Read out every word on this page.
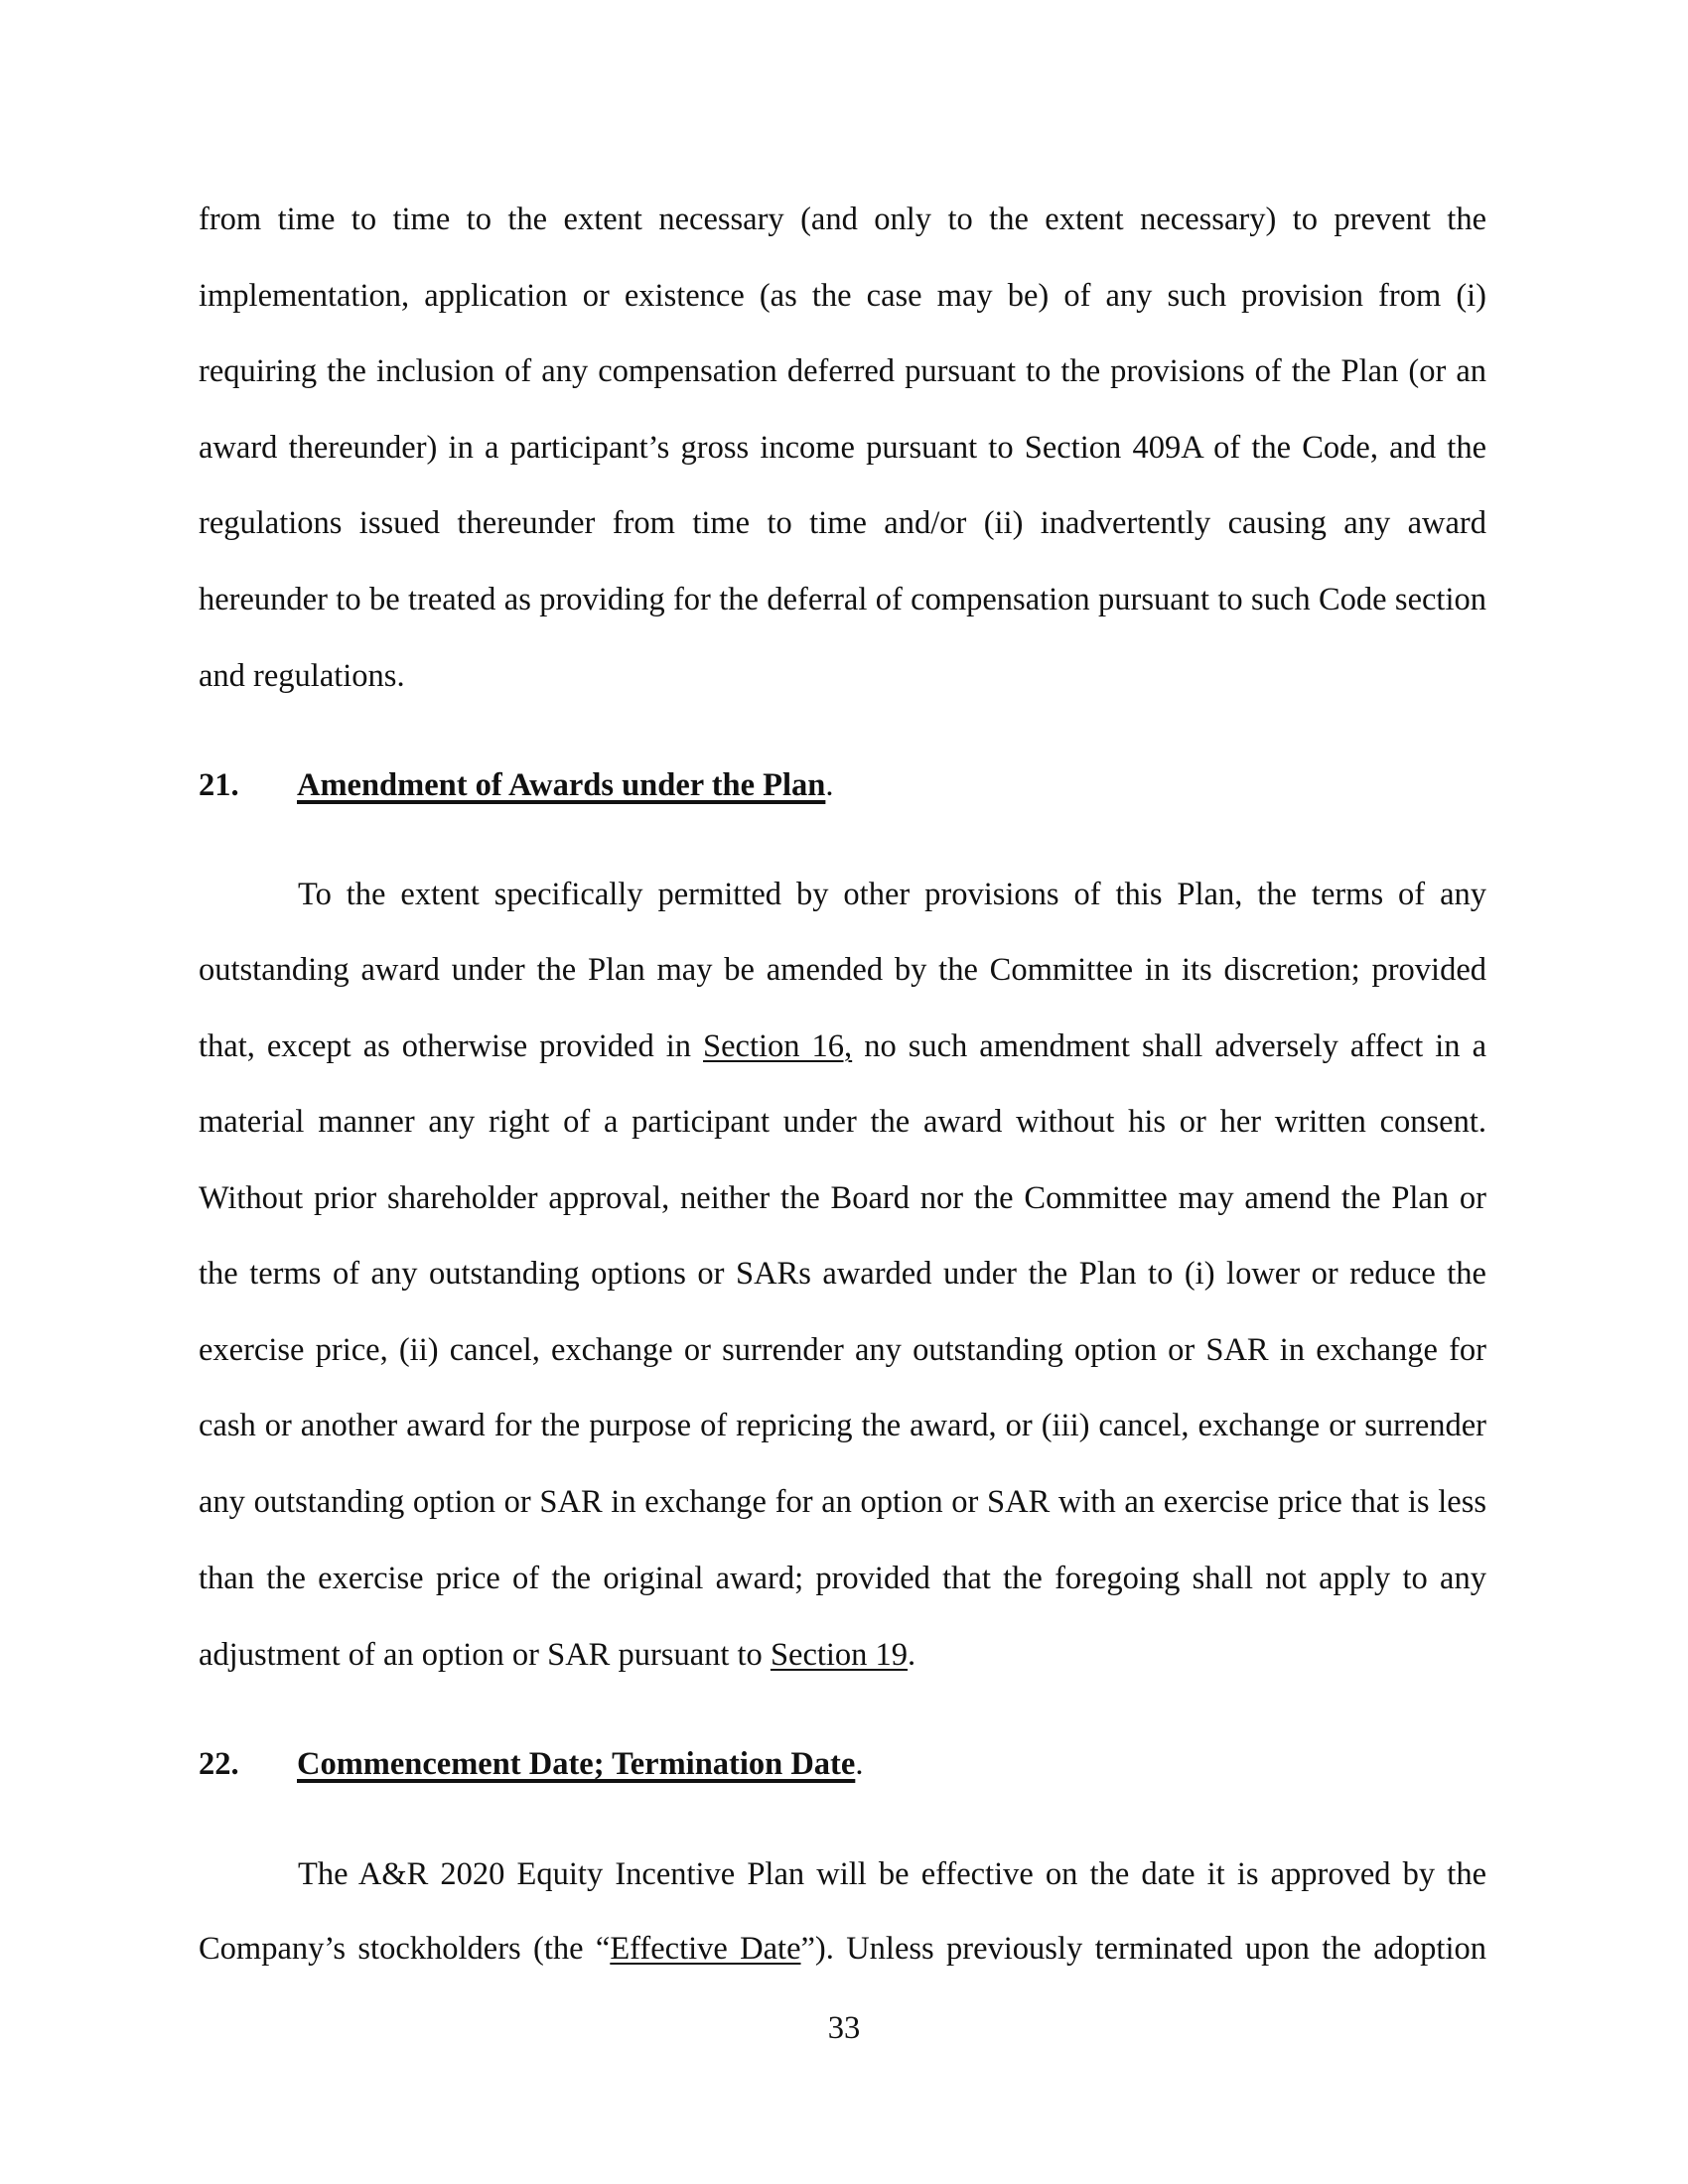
from time to time to the extent necessary (and only to the extent necessary) to prevent the
implementation, application or existence (as the case may be) of any such provision from (i)
requiring the inclusion of any compensation deferred pursuant to the provisions of the Plan (or an
award thereunder) in a participant’s gross income pursuant to Section 409A of the Code, and the
regulations issued thereunder from time to time and/or (ii) inadvertently causing any award
hereunder to be treated as providing for the deferral of compensation pursuant to such Code section
and regulations.
21. Amendment of Awards under the Plan.
To the extent specifically permitted by other provisions of this Plan, the terms of any
outstanding award under the Plan may be amended by the Committee in its discretion; provided
that, except as otherwise provided in Section 16, no such amendment shall adversely affect in a
material manner any right of a participant under the award without his or her written consent.
Without prior shareholder approval, neither the Board nor the Committee may amend the Plan or
the terms of any outstanding options or SARs awarded under the Plan to (i) lower or reduce the
exercise price, (ii) cancel, exchange or surrender any outstanding option or SAR in exchange for
cash or another award for the purpose of repricing the award, or (iii) cancel, exchange or surrender
any outstanding option or SAR in exchange for an option or SAR with an exercise price that is less
than the exercise price of the original award; provided that the foregoing shall not apply to any
adjustment of an option or SAR pursuant to Section 19.
22. Commencement Date; Termination Date.
The A&R 2020 Equity Incentive Plan will be effective on the date it is approved by the
Company’s stockholders (the “Effective Date”). Unless previously terminated upon the adoption
33
